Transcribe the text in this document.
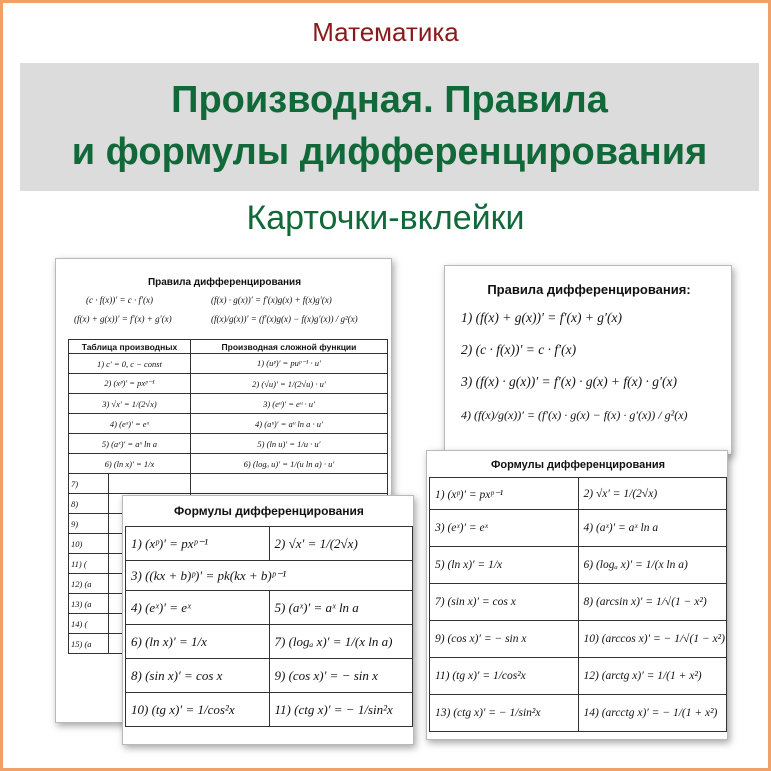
Математика
Производная. Правила
и формулы дифференцирования
Карточки-вклейки
Правила дифференцирования
(c · f(x))′ = c · f′(x)	(f(x) · g(x))′ = f′(x)g(x) + f(x)g′(x)
(f(x) + g(x))′ = f′(x) + g′(x)	(f(x)/g(x))′ = (f′(x)g(x) − f(x)g′(x)) / g²(x)
Таблица производных		Производная сложной функции
1) c′ = 0, c − const		1) (uᵖ)′ = puᵖ⁻¹ · u′
2) (xᵖ)′ = pxᵖ⁻¹		2) (√u)′ = 1/(2√u) · u′
3) √x′ = 1/(2√x)		3) (eᵘ)′ = eᵘ · u′
4) (eˣ)′ = eˣ		4) (aᵘ)′ = aᵘ ln a · u′
5) (aˣ)′ = aˣ ln a		5) (ln u)′ = 1/u · u′
6) (ln x)′ = 1/x		6) (logₐ u)′ = 1/(u ln a) · u′
7)		
8)		
9)		
10)		
11) (		
12) (a		
13) (a		
14) (		
15) (a		
Правила дифференцирования:
1) (f(x) + g(x))′ = f′(x) + g′(x)
2) (c · f(x))′ = c · f′(x)
3) (f(x) · g(x))′ = f′(x) · g(x) + f(x) · g′(x)
4) (f(x)/g(x))′ = (f′(x) · g(x) − f(x) · g′(x)) / g²(x)
Формулы дифференцирования
1) (xᵖ)′ = pxᵖ⁻¹	2) √x′ = 1/(2√x)
3) (eˣ)′ = eˣ	4) (aˣ)′ = aˣ ln a
5) (ln x)′ = 1/x	6) (logₐ x)′ = 1/(x ln a)
7) (sin x)′ = cos x	8) (arcsin x)′ = 1/√(1 − x²)
9) (cos x)′ = − sin x	10) (arccos x)′ = − 1/√(1 − x²)
11) (tg x)′ = 1/cos²x	12) (arctg x)′ = 1/(1 + x²)
13) (ctg x)′ = − 1/sin²x	14) (arcctg x)′ = − 1/(1 + x²)
Формулы дифференцирования
1) (xᵖ)′ = pxᵖ⁻¹	2) √x′ = 1/(2√x)
3) ((kx + b)ᵖ)′ = pk(kx + b)ᵖ⁻¹	
4) (eˣ)′ = eˣ	5) (aˣ)′ = aˣ ln a
6) (ln x)′ = 1/x	7) (logₐ x)′ = 1/(x ln a)
8) (sin x)′ = cos x	9) (cos x)′ = − sin x
10) (tg x)′ = 1/cos²x	11) (ctg x)′ = − 1/sin²x
